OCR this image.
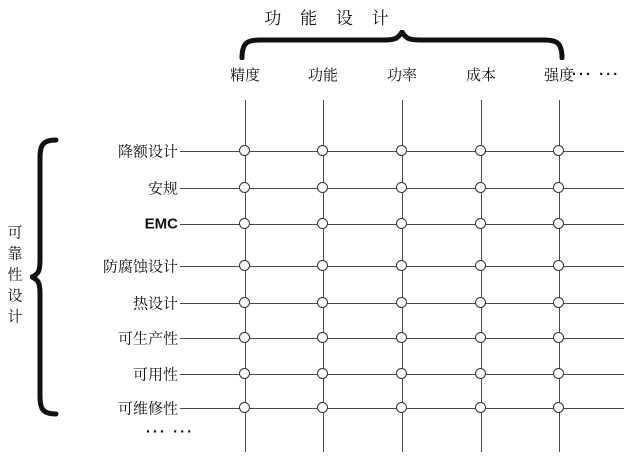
功 能 设 计
可
靠
性
设
计
精度	功能	功率	成本	强度
··· ···
降额设计
安规
EMC
防腐蚀设计
热设计
可生产性
可用性
可维修性
··· ···
